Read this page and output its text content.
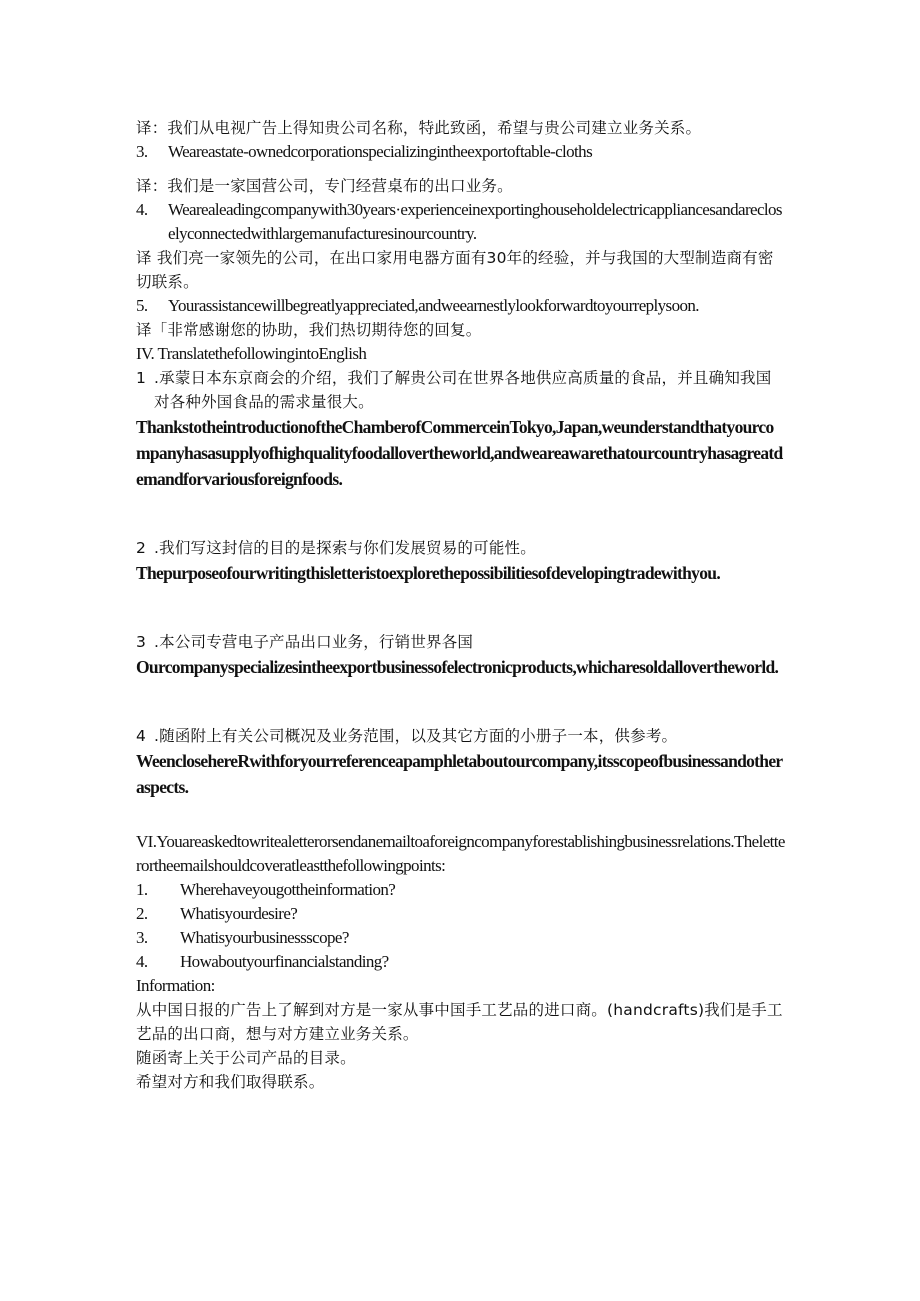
译：我们从电视广告上得知贵公司名称，特此致函，希望与贵公司建立业务关系。
3.	Weareastate-ownedcorporationspecializingintheexportoftable-cloths
译：我们是一家国营公司，专门经营桌布的出口业务。
4.	Wearealeadingcompanywith30years·experienceinexportinghouseholdelectricappliancesandarecloselyconnectedwithlargemanufacturesinourcountry.
译 我们亮一家领先的公司，在出口家用电器方面有30年的经验，并与我国的大型制造商有密切联系。
5.	Yourassistancewillbegreatlyappreciated,andweearnestlylookforwardtoyourreplysoon.
译「非常感谢您的协助，我们热切期待您的回复。
IV. TranslatethefollowingintoEnglish
1 .承蒙日本东京商会的介绍，我们了解贵公司在世界各地供应高质量的食品，并且确知我国对各种外国食品的需求量很大。
ThankstotheintroductionoftheChamberofCommerceinTokyo,Japan,weunderstandthatyourcompanyhasasupplyofhighqualityfoodallovertheworld,andweareawarethatourcountryhasagreatdemandforvariousforeignfoods.
2 .我们写这封信的目的是探索与你们发展贸易的可能性。
Thepurposeofourwritingthisletteristoexplorethepossibilitiesofdevelopingtradewithyou.
3 .本公司专营电子产品出口业务，行销世界各国
Ourcompanyspecializesintheexportbusinessofelectronicproducts,whicharesoldallovertheworld.
4 .随函附上有关公司概况及业务范围，以及其它方面的小册子一本，供参考。
WeenclosehereRwithforyourreferenceapamphletaboutourcompany,itsscopeofbusinessandotheraspects.
VI.Youareaskedtowritealetterorsendanemailtoaforeigncompanyforestablishingbusinessrelations.Theletterortheemailshouldcoveratleastthefollowingpoints:
1.	Wherehaveyougottheinformation?
2.	Whatisyourdesire?
3.	Whatisyourbusinessscope?
4.	Howaboutyourfinancialstanding?
Information:
从中国日报的广告上了解到对方是一家从事中国手工艺品的进口商。(handcrafts)我们是手工艺品的出口商，想与对方建立业务关系。
随函寄上关于公司产品的目录。
希望对方和我们取得联系。
